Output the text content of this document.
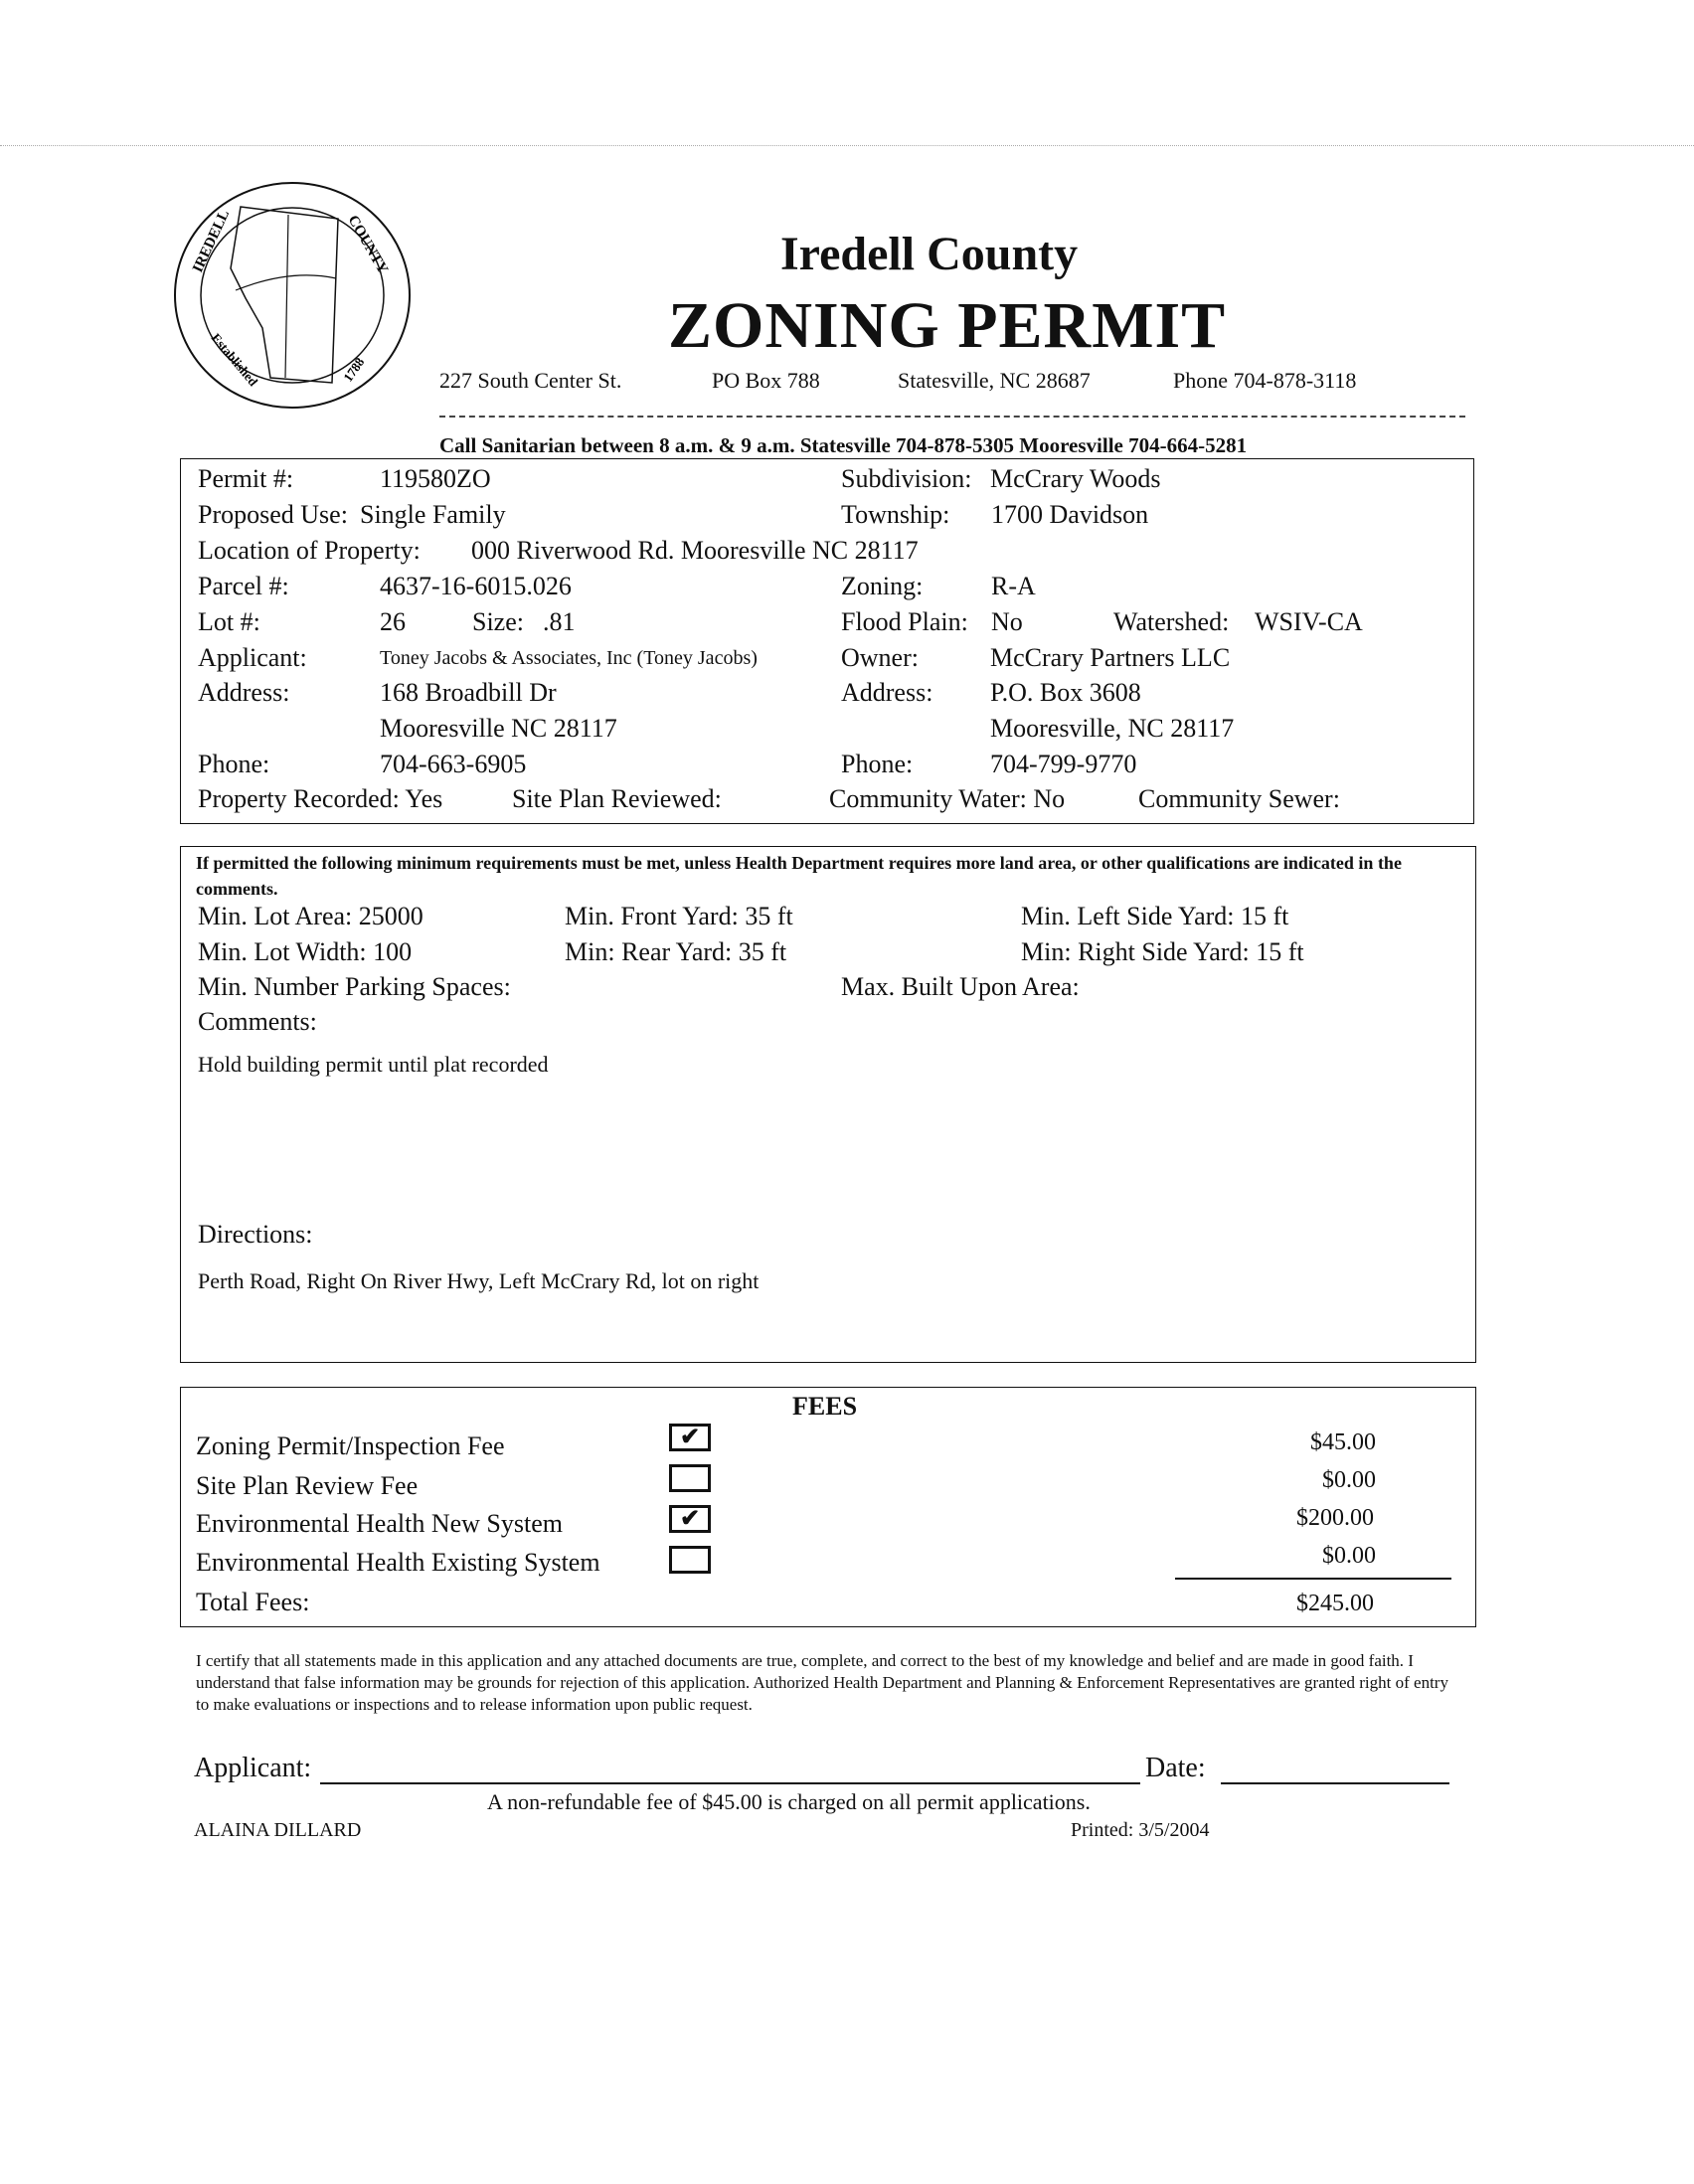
IREDELL	COUNTY
Established	1788
Iredell County
ZONING PERMIT
227 South Center St.	PO Box 788	Statesville, NC 28687	Phone 704-878-3118
Call Sanitarian between 8 a.m. & 9 a.m. Statesville 704-878-5305 Mooresville 704-664-5281
Permit #:	119580ZO	Subdivision: McCrary Woods
Proposed Use: Single Family	Township: 1700 Davidson
Location of Property: 000 Riverwood Rd. Mooresville NC 28117
Parcel #:	4637-16-6015.026	Zoning:	R-A
Lot #:	26	Size: .81	Flood Plain: No	Watershed: WSIV-CA
Applicant:	Toney Jacobs & Associates, Inc (Toney Jacobs)	Owner:	McCrary Partners LLC
Address:	168 Broadbill Dr	Address: P.O. Box 3608
Mooresville NC 28117	Mooresville, NC 28117
Phone:	704-663-6905	Phone:	704-799-9770
Property Recorded: Yes	Site Plan Reviewed:	Community Water: No	Community Sewer:
If permitted the following minimum requirements must be met, unless Health Department requires more land area, or other qualifications are indicated in the comments.
Min. Lot Area: 25000	Min. Front Yard: 35 ft	Min. Left Side Yard: 15 ft
Min. Lot Width: 100	Min: Rear Yard: 35 ft	Min: Right Side Yard: 15 ft
Min. Number Parking Spaces:	Max. Built Upon Area:
Comments:
Hold building permit until plat recorded
Directions:
Perth Road, Right On River Hwy, Left McCrary Rd, lot on right
FEES
Zoning Permit/Inspection Fee	✔	$45.00
Site Plan Review Fee	$0.00
Environmental Health New System	✔	$200.00
Environmental Health Existing System	$0.00
Total Fees:	$245.00
I certify that all statements made in this application and any attached documents are true, complete, and correct to the best of my knowledge and belief and are made in good faith. I understand that false information may be grounds for rejection of this application. Authorized Health Department and Planning & Enforcement Representatives are granted right of entry to make evaluations or inspections and to release information upon public request.
Applicant:	Date:
A non-refundable fee of $45.00 is charged on all permit applications.
ALAINA DILLARD	Printed: 3/5/2004
